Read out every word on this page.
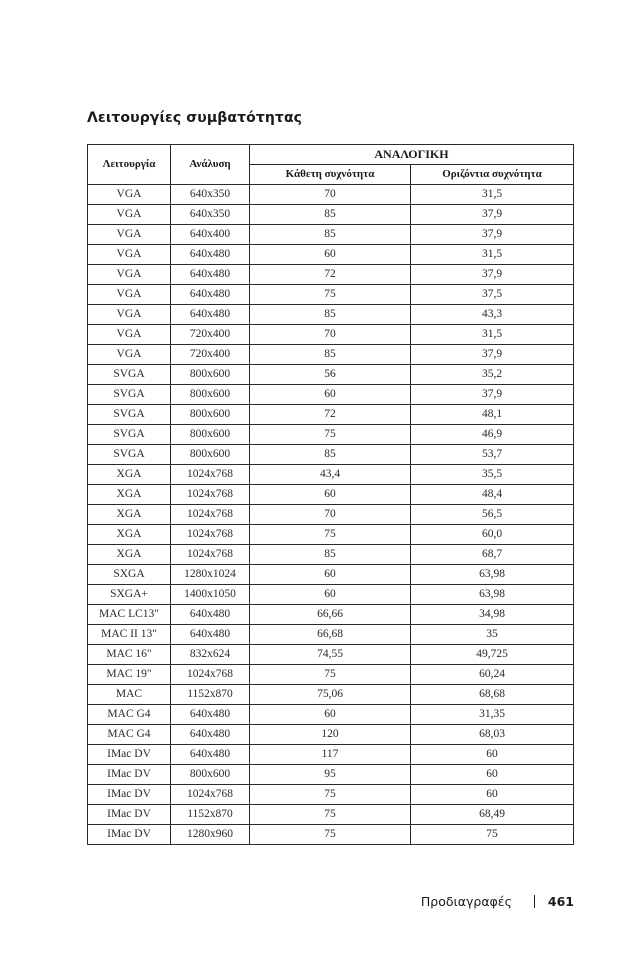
Λειτουργίες συμβατότητας
Λειτουργία	Ανάλυση	ΑΝΑΛΟΓΙΚΗ	
		Κάθετη συχνότητα	Οριζόντια συχνότητα
VGA	640x350	70	31,5
VGA	640x350	85	37,9
VGA	640x400	85	37,9
VGA	640x480	60	31,5
VGA	640x480	72	37,9
VGA	640x480	75	37,5
VGA	640x480	85	43,3
VGA	720x400	70	31,5
VGA	720x400	85	37,9
SVGA	800x600	56	35,2
SVGA	800x600	60	37,9
SVGA	800x600	72	48,1
SVGA	800x600	75	46,9
SVGA	800x600	85	53,7
XGA	1024x768	43,4	35,5
XGA	1024x768	60	48,4
XGA	1024x768	70	56,5
XGA	1024x768	75	60,0
XGA	1024x768	85	68,7
SXGA	1280x1024	60	63,98
SXGA+	1400x1050	60	63,98
MAC LC13"	640x480	66,66	34,98
MAC II 13"	640x480	66,68	35
MAC 16"	832x624	74,55	49,725
MAC 19"	1024x768	75	60,24
MAC	1152x870	75,06	68,68
MAC G4	640x480	60	31,35
MAC G4	640x480	120	68,03
IMac DV	640x480	117	60
IMac DV	800x600	95	60
IMac DV	1024x768	75	60
IMac DV	1152x870	75	68,49
IMac DV	1280x960	75	75
Προδιαγραφές	461
